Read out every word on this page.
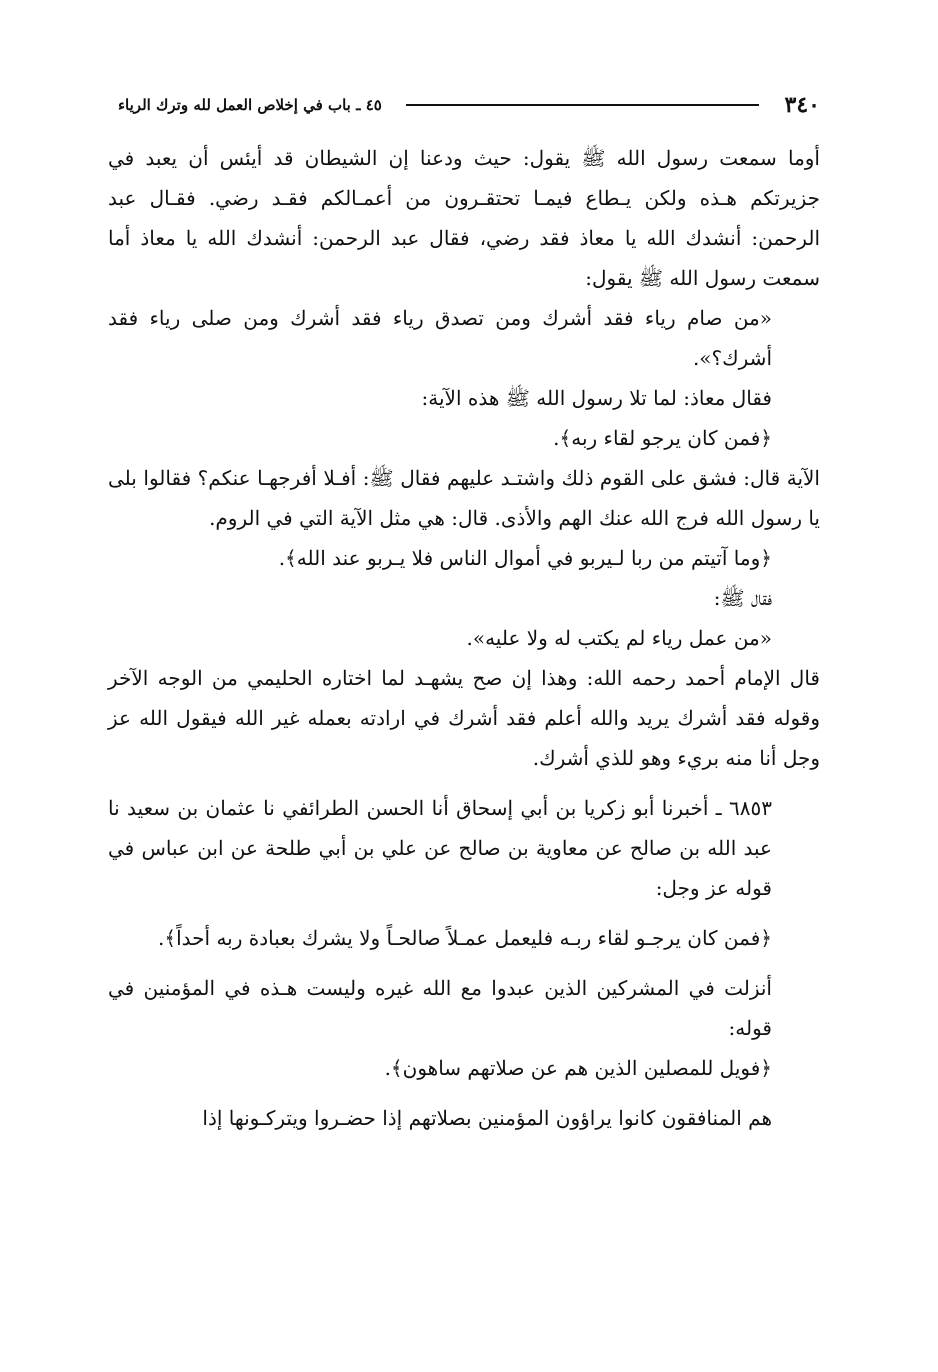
٣٤٠
٤٥ ـ باب في إخلاص العمل لله وترك الرياء

أوما سمعت رسول الله ﷺ يقول: حيث ودعنا إن الشيطان قد أيئس أن يعبد في جزيرتكم هـذه ولكن يـطاع فيمـا تحتقـرون من أعمـالكم فقـد رضي. فقـال عبد الرحمن: أنشدك الله يا معاذ فقد رضي، فقال عبد الرحمن: أنشدك الله يا معاذ أما سمعت رسول الله ﷺ يقول:

«من صام رياء فقد أشرك ومن تصدق رياء فقد أشرك ومن صلى رياء فقد أشرك؟».

فقال معاذ: لما تلا رسول الله ﷺ هذه الآية:

﴿فمن كان يرجو لقاء ربه﴾.

الآية قال: فشق على القوم ذلك واشتـد عليهم فقال ﷺ: أفـلا أفرجهـا عنكم؟ فقالوا بلى يا رسول الله فرج الله عنك الهم والأذى. قال: هي مثل الآية التي في الروم.

﴿وما آتيتم من ربا لـيربو في أموال الناس فلا يـربو عند الله﴾.

فقال ﷺ:

«من عمل رياء لم يكتب له ولا عليه».

قال الإمام أحمد رحمه الله: وهذا إن صح يشهـد لما اختاره الحليمي من الوجه الآخر وقوله فقد أشرك يريد والله أعلم فقد أشرك في ارادته بعمله غير الله فيقول الله عز وجل أنا منه بريء وهو للذي أشرك.

٦٨٥٣ ـ أخبرنا أبو زكريا بن أبي إسحاق أنا الحسن الطرائفي نا عثمان بن سعيد نا عبد الله بن صالح عن معاوية بن صالح عن علي بن أبي طلحة عن ابن عباس في قوله عز وجل:

﴿فمن كان يرجـو لقاء ربـه فليعمل عمـلاً صالحـاً ولا يشرك بعبادة ربه أحداً﴾.

أنزلت في المشركين الذين عبدوا مع الله غيره وليست هـذه في المؤمنين في قوله:

﴿فويل للمصلين الذين هم عن صلاتهم ساهون﴾.

هم المنافقون كانوا يراؤون المؤمنين بصلاتهم إذا حضـروا ويتركـونها إذا
